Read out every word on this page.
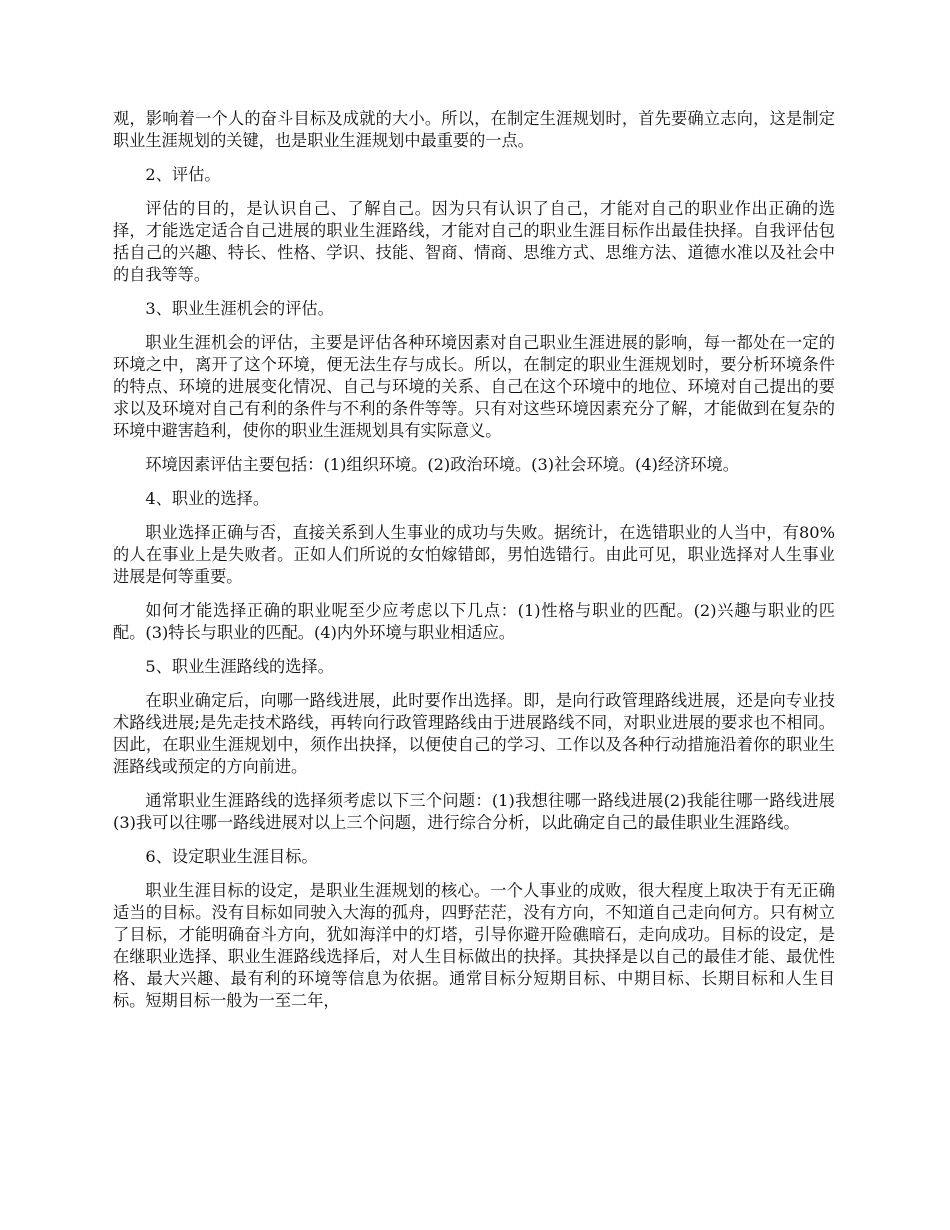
观，影响着一个人的奋斗目标及成就的大小。所以，在制定生涯规划时，首先要确立志向，这是制定职业生涯规划的关键，也是职业生涯规划中最重要的一点。

2、评估。

评估的目的，是认识自己、了解自己。因为只有认识了自己，才能对自己的职业作出正确的选择，才能选定适合自己进展的职业生涯路线，才能对自己的职业生涯目标作出最佳抉择。自我评估包括自己的兴趣、特长、性格、学识、技能、智商、情商、思维方式、思维方法、道德水准以及社会中的自我等等。

3、职业生涯机会的评估。

职业生涯机会的评估，主要是评估各种环境因素对自己职业生涯进展的影响，每一都处在一定的环境之中，离开了这个环境，便无法生存与成长。所以，在制定的职业生涯规划时，要分析环境条件的特点、环境的进展变化情况、自己与环境的关系、自己在这个环境中的地位、环境对自己提出的要求以及环境对自己有利的条件与不利的条件等等。只有对这些环境因素充分了解，才能做到在复杂的环境中避害趋利，使你的职业生涯规划具有实际意义。

环境因素评估主要包括：(1)组织环境。(2)政治环境。(3)社会环境。(4)经济环境。

4、职业的选择。

职业选择正确与否，直接关系到人生事业的成功与失败。据统计，在选错职业的人当中，有80%的人在事业上是失败者。正如人们所说的女怕嫁错郎，男怕选错行。由此可见，职业选择对人生事业进展是何等重要。

如何才能选择正确的职业呢至少应考虑以下几点：(1)性格与职业的匹配。(2)兴趣与职业的匹配。(3)特长与职业的匹配。(4)内外环境与职业相适应。

5、职业生涯路线的选择。

在职业确定后，向哪一路线进展，此时要作出选择。即，是向行政管理路线进展，还是向专业技术路线进展;是先走技术路线，再转向行政管理路线由于进展路线不同，对职业进展的要求也不相同。因此，在职业生涯规划中，须作出抉择，以便使自己的学习、工作以及各种行动措施沿着你的职业生涯路线或预定的方向前进。

通常职业生涯路线的选择须考虑以下三个问题：(1)我想往哪一路线进展(2)我能往哪一路线进展(3)我可以往哪一路线进展对以上三个问题，进行综合分析，以此确定自己的最佳职业生涯路线。

6、设定职业生涯目标。

职业生涯目标的设定，是职业生涯规划的核心。一个人事业的成败，很大程度上取决于有无正确适当的目标。没有目标如同驶入大海的孤舟，四野茫茫，没有方向，不知道自己走向何方。只有树立了目标，才能明确奋斗方向，犹如海洋中的灯塔，引导你避开险礁暗石，走向成功。目标的设定，是在继职业选择、职业生涯路线选择后，对人生目标做出的抉择。其抉择是以自己的最佳才能、最优性格、最大兴趣、最有利的环境等信息为依据。通常目标分短期目标、中期目标、长期目标和人生目标。短期目标一般为一至二年，
